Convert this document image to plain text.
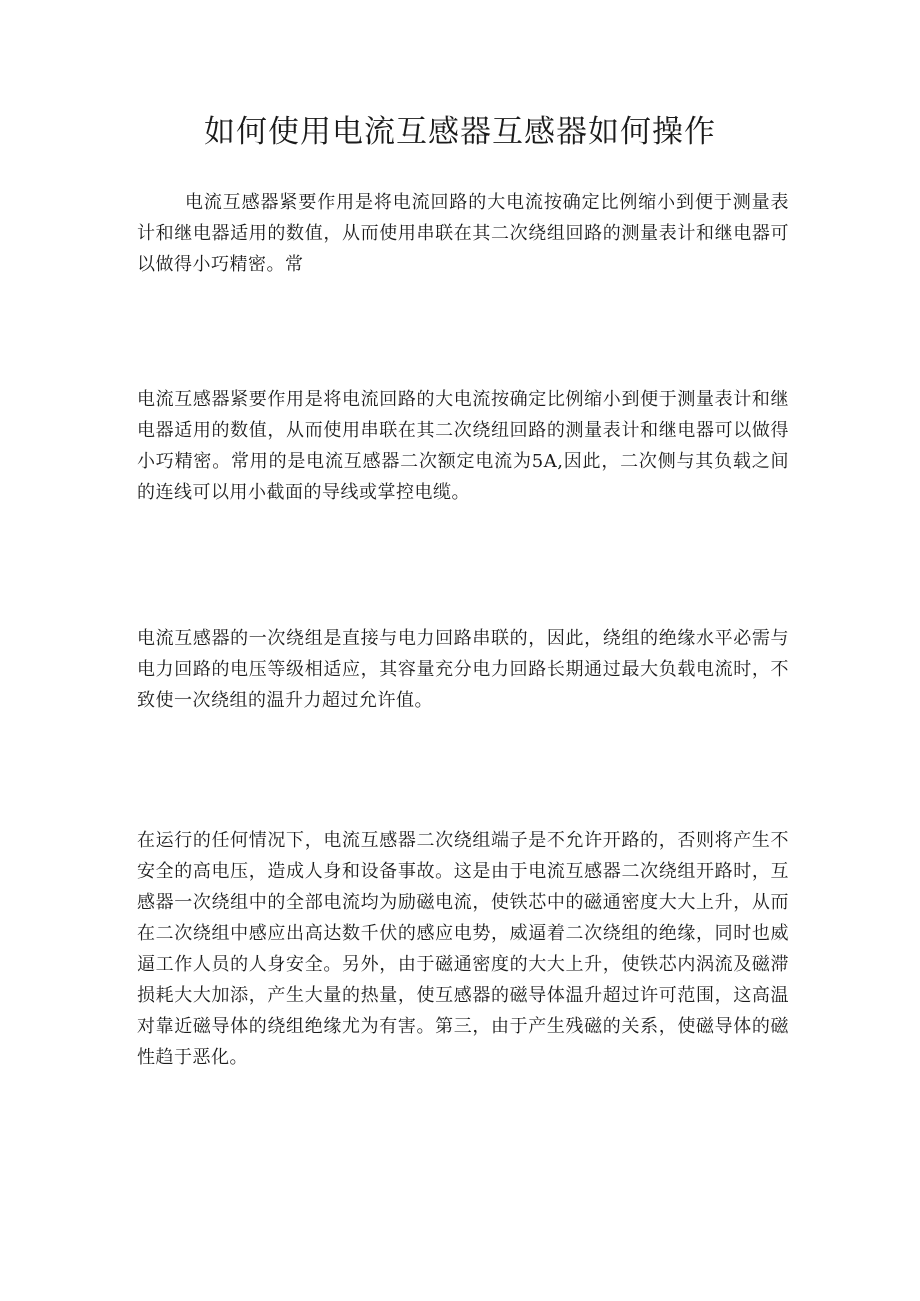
如何使用电流互感器互感器如何操作

电流互感器紧要作用是将电流回路的大电流按确定比例缩小到便于测量表计和继电器适用的数值，从而使用串联在其二次绕组回路的测量表计和继电器可以做得小巧精密。常

电流互感器紧要作用是将电流回路的大电流按确定比例缩小到便于测量表计和继电器适用的数值，从而使用串联在其二次绕纽回路的测量表计和继电器可以做得小巧精密。常用的是电流互感器二次额定电流为5A,因此，二次侧与其负载之间的连线可以用小截面的导线或掌控电缆。

电流互感器的一次绕组是直接与电力回路串联的，因此，绕组的绝缘水平必需与电力回路的电压等级相适应，其容量充分电力回路长期通过最大负载电流时，不致使一次绕组的温升力超过允许值。

在运行的任何情况下，电流互感器二次绕组端子是不允许开路的，否则将产生不安全的高电压，造成人身和设备事故。这是由于电流互感器二次绕组开路时，互感器一次绕组中的全部电流均为励磁电流，使铁芯中的磁通密度大大上升，从而在二次绕组中感应出高达数千伏的感应电势，威逼着二次绕组的绝缘，同时也威逼工作人员的人身安全。另外，由于磁通密度的大大上升，使铁芯内涡流及磁滞损耗大大加添，产生大量的热量，使互感器的磁导体温升超过许可范围，这高温对靠近磁导体的绕组绝缘尤为有害。第三，由于产生残磁的关系，使磁导体的磁性趋于恶化。
